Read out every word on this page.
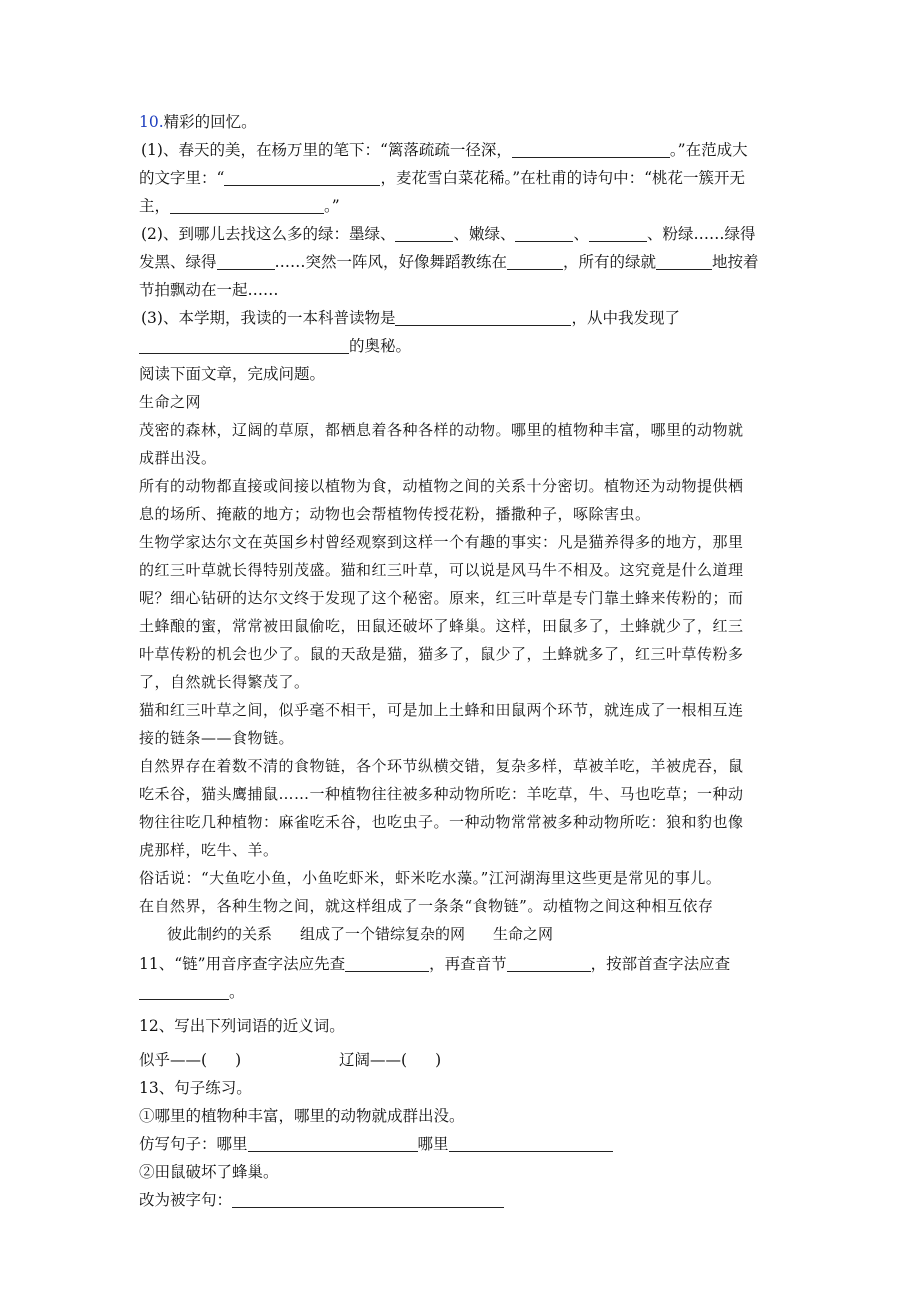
10.精彩的回忆。
(1)、春天的美，在杨万里的笔下：“篱落疏疏一径深，	。”在范成大
的文字里：“	，麦花雪白菜花稀。”在杜甫的诗句中：“桃花一簇开无
主，	。”
(2)、到哪儿去找这么多的绿：墨绿、	、嫩绿、	、	、粉绿……绿得
发黑、绿得	……突然一阵风，好像舞蹈教练在	，所有的绿就	地按着
节拍飘动在一起……
(3)、本学期，我读的一本科普读物是	，从中我发现了
的奥秘。
阅读下面文章，完成问题。
生命之网
茂密的森林，辽阔的草原，都栖息着各种各样的动物。哪里的植物种丰富，哪里的动物就
成群出没。
所有的动物都直接或间接以植物为食，动植物之间的关系十分密切。植物还为动物提供栖
息的场所、掩蔽的地方；动物也会帮植物传授花粉，播撒种子，啄除害虫。
生物学家达尔文在英国乡村曾经观察到这样一个有趣的事实：凡是猫养得多的地方，那里
的红三叶草就长得特别茂盛。猫和红三叶草，可以说是风马牛不相及。这究竟是什么道理
呢？细心钻研的达尔文终于发现了这个秘密。原来，红三叶草是专门靠土蜂来传粉的；而
土蜂酿的蜜，常常被田鼠偷吃，田鼠还破坏了蜂巢。这样，田鼠多了，土蜂就少了，红三
叶草传粉的机会也少了。鼠的天敌是猫，猫多了，鼠少了，土蜂就多了，红三叶草传粉多
了，自然就长得繁茂了。
猫和红三叶草之间，似乎毫不相干，可是加上土蜂和田鼠两个环节，就连成了一根相互连
接的链条——食物链。
自然界存在着数不清的食物链，各个环节纵横交错，复杂多样，草被羊吃，羊被虎吞，鼠
吃禾谷，猫头鹰捕鼠……一种植物往往被多种动物所吃：羊吃草，牛、马也吃草；一种动
物往往吃几种植物：麻雀吃禾谷，也吃虫子。一种动物常常被多种动物所吃：狼和豹也像
虎那样，吃牛、羊。
俗话说：“大鱼吃小鱼，小鱼吃虾米，虾米吃水藻。”江河湖海里这些更是常见的事儿。
在自然界，各种生物之间，就这样组成了一条条“食物链”。动植物之间这种相互依存
彼此制约的关系 组成了一个错综复杂的网 生命之网
11、“链”用音序查字法应先查	，再查音节	，按部首查字法应查
。
12、写出下列词语的近义词。
似乎——( )	辽阔——( )
13、句子练习。
①哪里的植物种丰富，哪里的动物就成群出没。
仿写句子：哪里	哪里
②田鼠破坏了蜂巢。
改为被字句：
